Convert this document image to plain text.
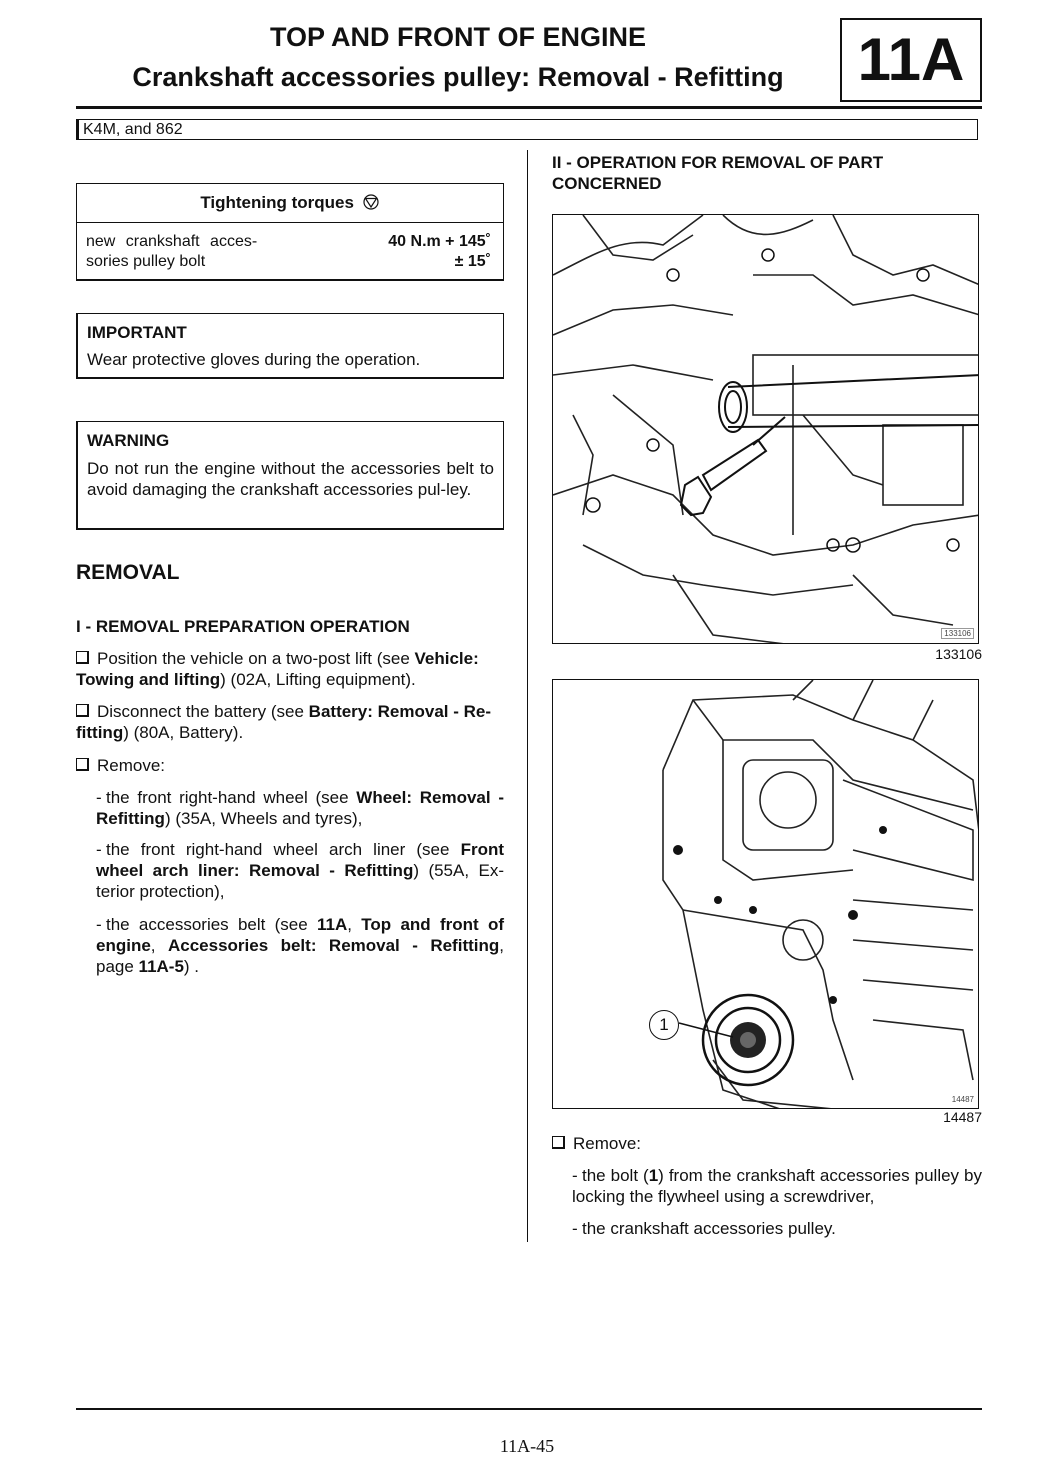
TOP AND FRONT OF ENGINE
Crankshaft accessories pulley: Removal - Refitting	11A
K4M, and 862
Tightening torques
new crankshaft acces-
sories pulley bolt
40 N.m + 145˚
± 15˚
IMPORTANT
Wear protective gloves during the operation.
WARNING
Do not run the engine without the accessories belt to avoid damaging the crankshaft accessories pul-ley.
REMOVAL
I - REMOVAL PREPARATION OPERATION
Position the vehicle on a two-post lift (see Vehicle: Towing and lifting) (02A, Lifting equipment).
Disconnect the battery (see Battery: Removal - Re-fitting) (80A, Battery).
Remove:
- the front right-hand wheel (see Wheel: Removal - Refitting) (35A, Wheels and tyres),
- the front right-hand wheel arch liner (see Front wheel arch liner: Removal - Refitting) (55A, Ex-terior protection),
- the accessories belt (see 11A, Top and front of engine, Accessories belt: Removal - Refitting, page 11A-5) .
II - OPERATION FOR REMOVAL OF PART CONCERNED
133106
133106
1
14487
14487
Remove:
- the bolt (1) from the crankshaft accessories pulley by locking the flywheel using a screwdriver,
- the crankshaft accessories pulley.
11A-45
